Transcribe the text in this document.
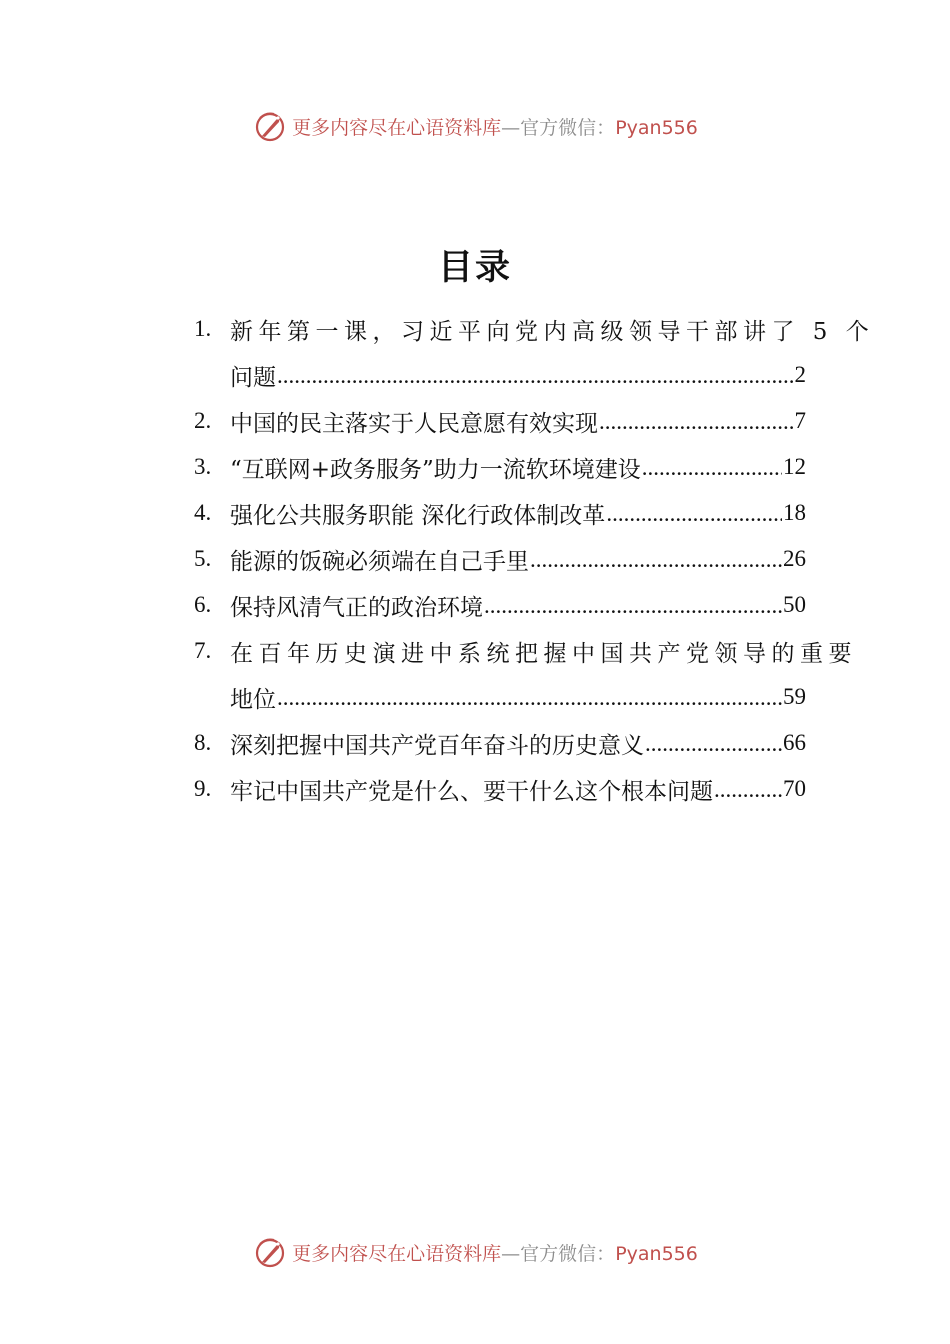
更多内容尽在心语资料库—官方微信：Pyan556
目录
1. 新年第一课，习近平向党内高级领导干部讲了 5 个
问题 .....	2
2. 中国的民主落实于人民意愿有效实现 .....	7
3. “互联网+政务服务”助力一流软环境建设 .....	12
4. 强化公共服务职能 深化行政体制改革 .....	18
5. 能源的饭碗必须端在自己手里 .....	26
6. 保持风清气正的政治环境 .....	50
7. 在百年历史演进中系统把握中国共产党领导的重要
地位 .....	59
8. 深刻把握中国共产党百年奋斗的历史意义 .....	66
9. 牢记中国共产党是什么、要干什么这个根本问题 .....	70
更多内容尽在心语资料库—官方微信：Pyan556
